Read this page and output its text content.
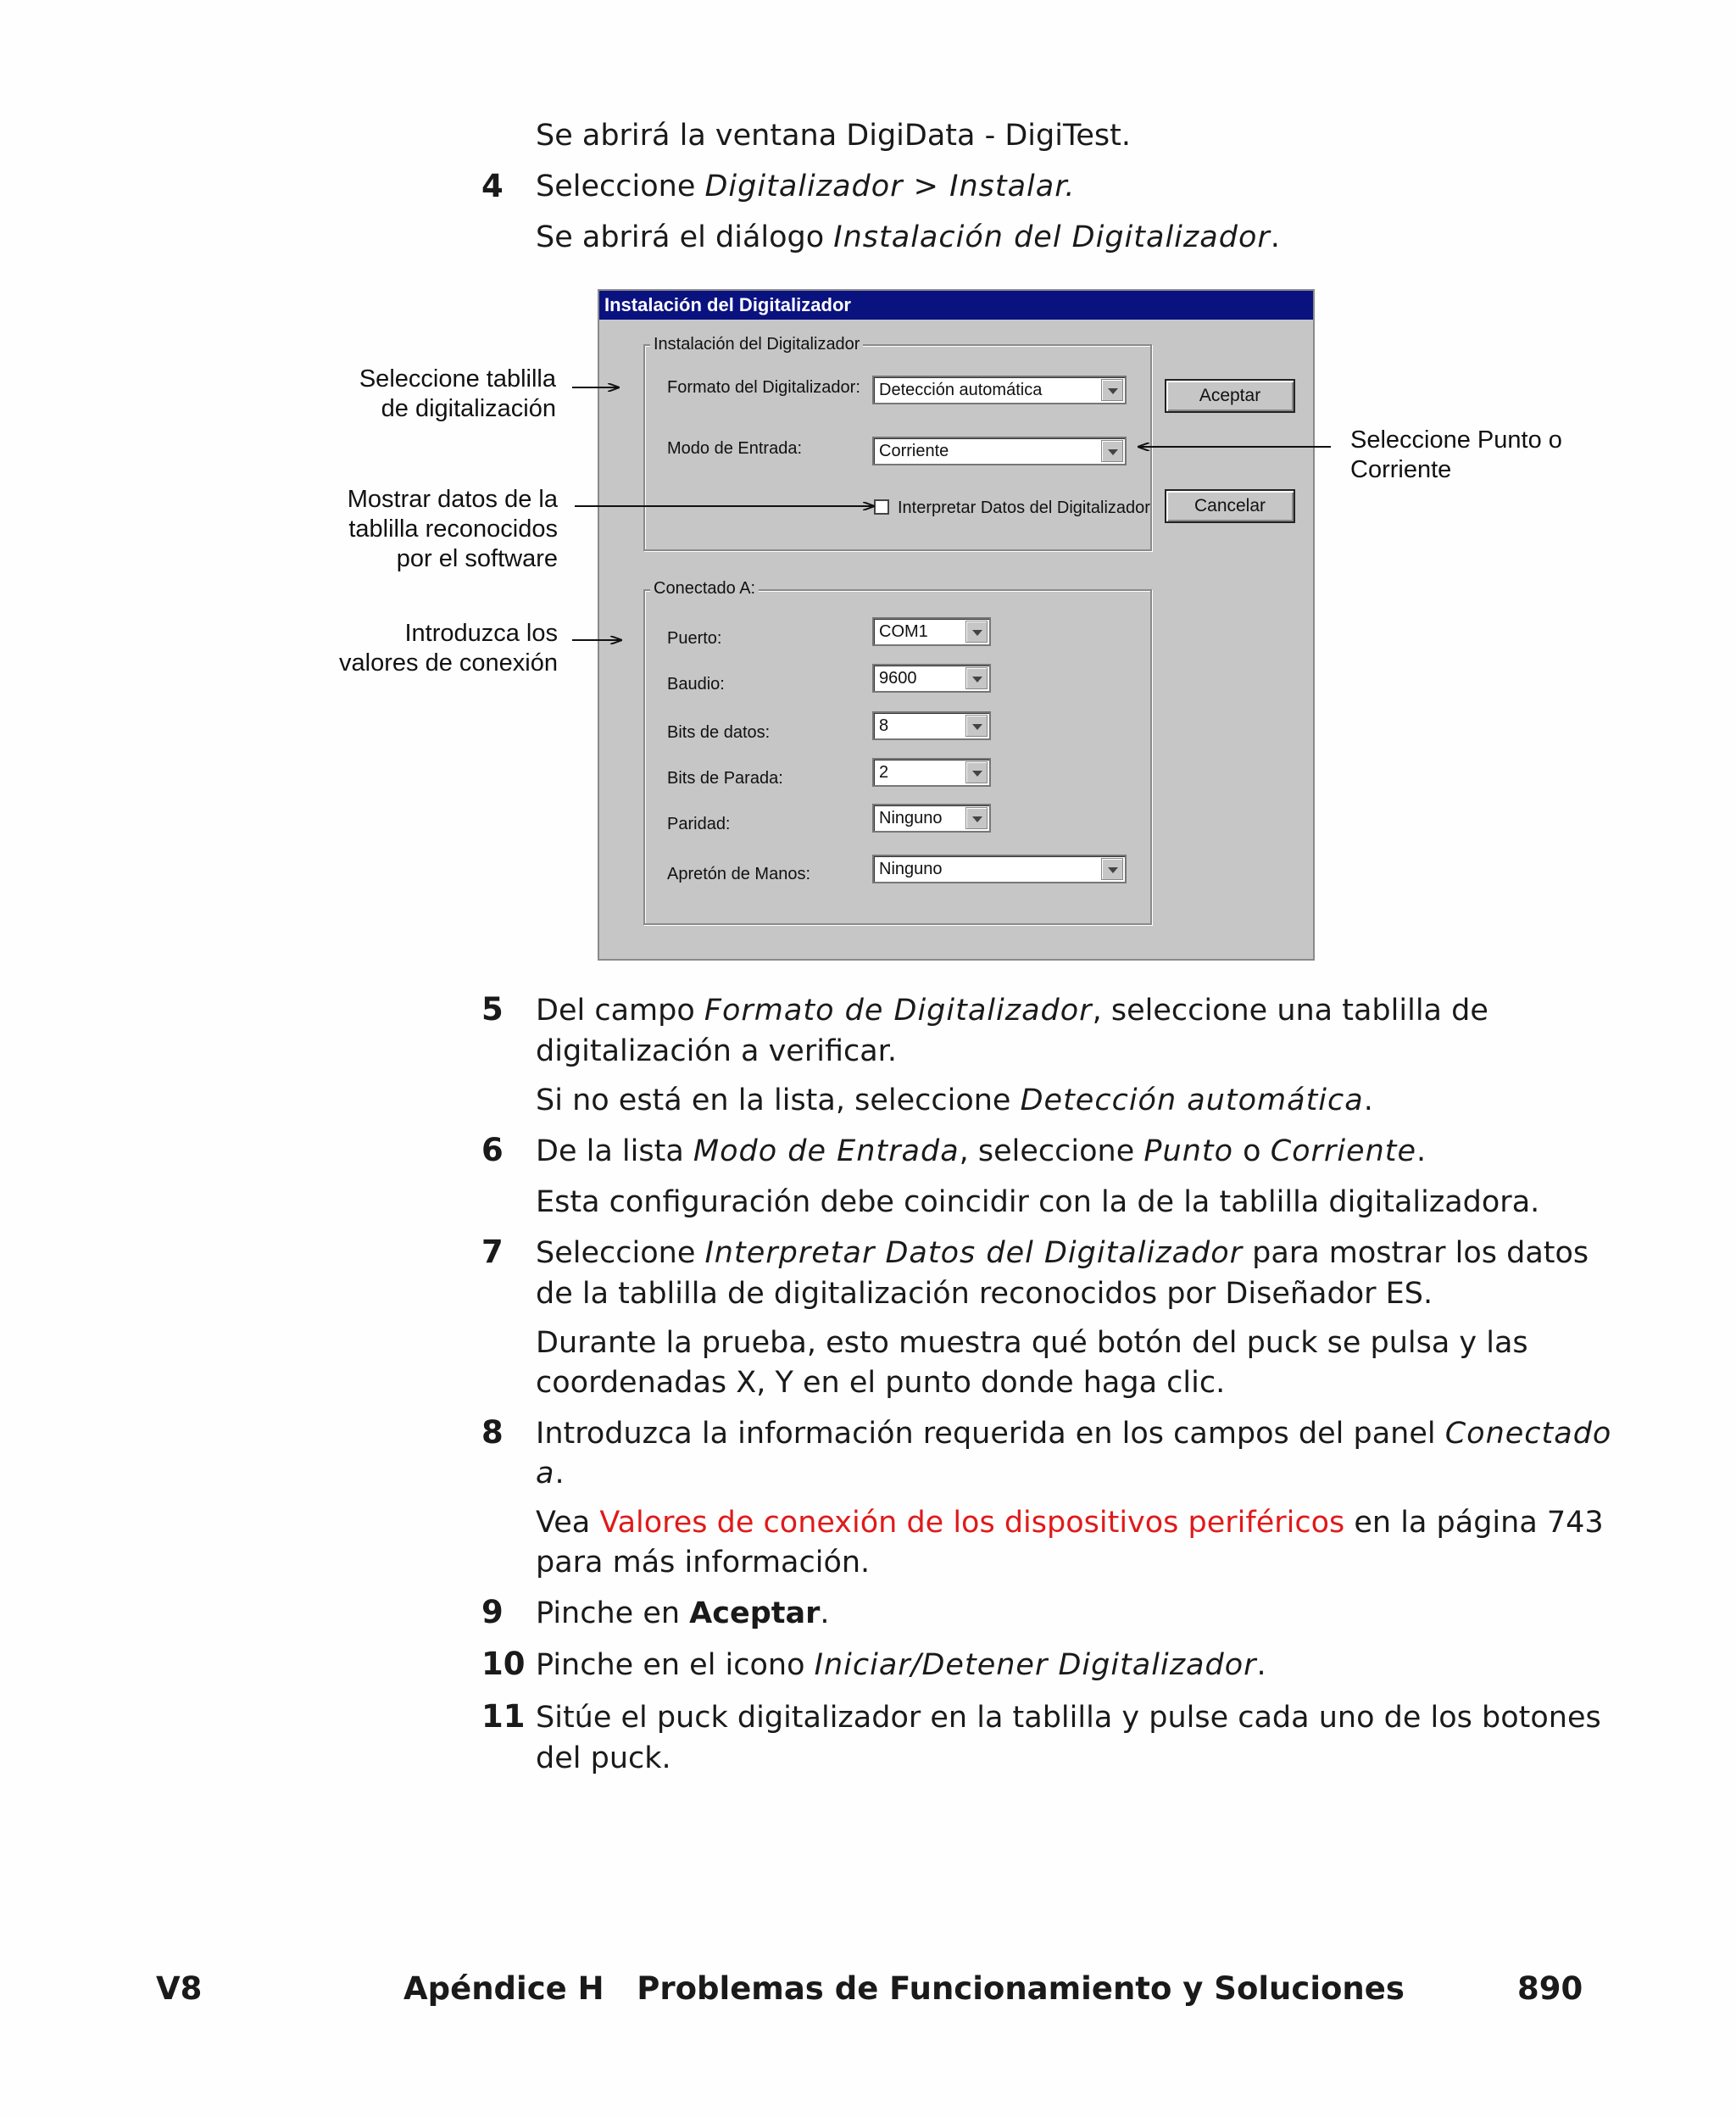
Se abrirá la ventana DigiData - DigiTest.
4 Seleccione Digitalizador > Instalar.
Se abrirá el diálogo Instalación del Digitalizador.
Instalación del Digitalizador
Instalación del Digitalizador
Formato del Digitalizador:	Detección automática
Modo de Entrada:	Corriente
Interpretar Datos del Digitalizador
Aceptar
Cancelar
Conectado A:
Puerto:	COM1
Baudio:	9600
Bits de datos:	8
Bits de Parada:	2
Paridad:	Ninguno
Apretón de Manos:	Ninguno
Seleccione tablilla
de digitalización
Mostrar datos de la
tablilla reconocidos
por el software
Introduzca los
valores de conexión
Seleccione Punto o
Corriente
5 Del campo Formato de Digitalizador, seleccione una tablilla de
digitalización a verificar.
Si no está en la lista, seleccione Detección automática.
6 De la lista Modo de Entrada, seleccione Punto o Corriente.
Esta configuración debe coincidir con la de la tablilla digitalizadora.
7 Seleccione Interpretar Datos del Digitalizador para mostrar los datos
de la tablilla de digitalización reconocidos por Diseñador ES.
Durante la prueba, esto muestra qué botón del puck se pulsa y las
coordenadas X, Y en el punto donde haga clic.
8 Introduzca la información requerida en los campos del panel Conectado
a.
Vea Valores de conexión de los dispositivos periféricos en la página 743
para más información.
9 Pinche en Aceptar.
10 Pinche en el icono Iniciar/Detener Digitalizador.
11 Sitúe el puck digitalizador en la tablilla y pulse cada uno de los botones
del puck.
V8	Apéndice H   Problemas de Funcionamiento y Soluciones	890
